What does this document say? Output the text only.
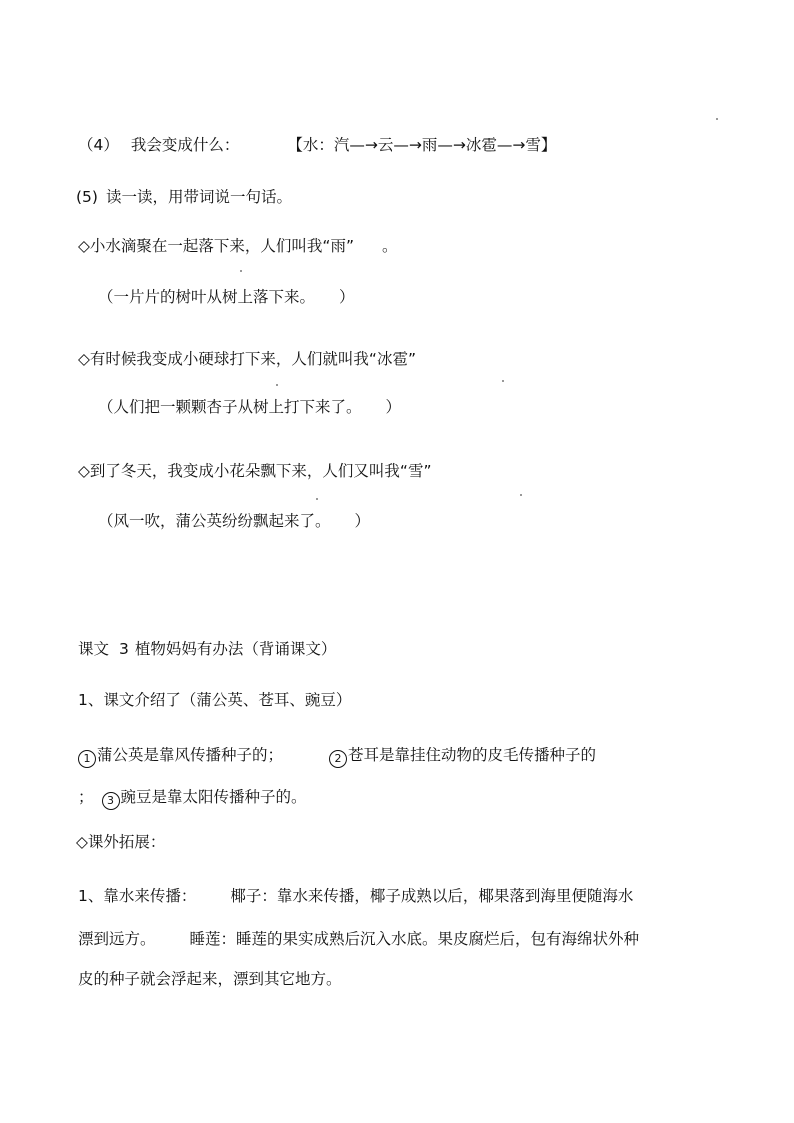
（4） 我会变成什么：	【水：汽—→云—→雨—→冰雹—→雪】
(5) 读一读，用带词说一句话。
◇小水滴聚在一起落下来，人们叫我“雨” 。
（一片片的树叶从树上落下来。 ）
◇有时候我变成小硬球打下来，人们就叫我“冰雹”
（人们把一颗颗杏子从树上打下来了。 ）
◇到了冬天，我变成小花朵飘下来，人们又叫我“雪”
（风一吹，蒲公英纷纷飘起来了。 ）
课文 3 植物妈妈有办法（背诵课文）
1、课文介绍了（蒲公英、苍耳、豌豆）
1 蒲公英是靠风传播种子的；	2 苍耳是靠挂住动物的皮毛传播种子的
； 3 豌豆是靠太阳传播种子的。
◇课外拓展：
1、靠水来传播： 椰子：靠水来传播，椰子成熟以后，椰果落到海里便随海水
漂到远方。 睡莲：睡莲的果实成熟后沉入水底。果皮腐烂后，包有海绵状外种
皮的种子就会浮起来，漂到其它地方。
